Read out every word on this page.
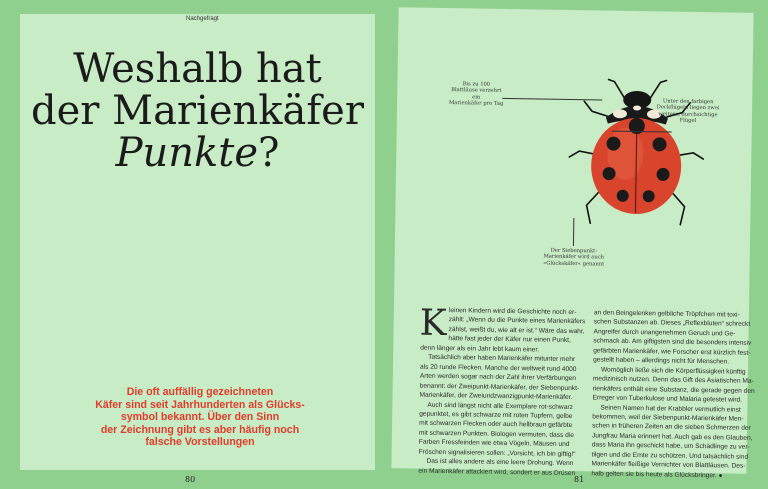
Nachgefragt
Weshalb hat
der Marienkäfer
Punkte?
Die oft auffällig gezeichneten
Käfer sind seit Jahrhunderten als Glücks-
symbol bekannt. Über den Sinn
der Zeichnung gibt es aber häufig noch
falsche Vorstellungen
Bis zu 100
Blattläuse verzehrt ein
Marienkäfer pro Tag	Unter den farbigen
Deckflügeln liegen zwei
weitere, durchsichtige
Flügel
Der Siebenpunkt-
Marienkäfer wird auch
»Glückskäfer« genannt
K leinen Kindern wird die Geschichte noch er-
zählt: „Wenn du die Punkte eines Marienkäfers
zählst, weißt du, wie alt er ist.“ Wäre das wahr,
hätte fast jeder der Käfer nur einen Punkt,
denn länger als ein Jahr lebt kaum einer.
Tatsächlich aber haben Marienkäfer mitunter mehr
als 20 runde Flecken. Manche der weltweit rund 4000
Arten werden sogar nach der Zahl ihrer Verfärbungen
benannt: der Zweipunkt-Marienkäfer, der Siebenpunkt-
Marienkäfer, der Zweiundzwanzigpunkt-Marienkäfer.
Auch sind längst nicht alle Exemplare rot-schwarz
gepunktet, es gibt schwarze mit roten Tupfern, gelbe
mit schwarzen Flecken oder auch hellbraun gefärbte
mit schwarzen Punkten. Biologen vermuten, dass die
Farben Fressfeinden wie etwa Vögeln, Mäusen und
Fröschen signalisieren sollen: „Vorsicht, ich bin giftig!“
Das ist alles andere als eine leere Drohung. Wenn
ein Marienkäfer attackiert wird, sondert er aus Drüsen
an den Beingelenken gelbliche Tröpfchen mit toxi-
schen Substanzen ab. Dieses „Reflexbluten“ schreckt
Angreifer durch unangenehmen Geruch und Ge-
schmack ab. Am giftigsten sind die besonders intensiv
gefärbten Marienkäfer, wie Forscher erst kürzlich fest-
gestellt haben – allerdings nicht für Menschen.
Womöglich ließe sich die Körperflüssigkeit künftig
medizinisch nutzen. Denn das Gift des Asiatischen Ma-
rienkäfers enthält eine Substanz, die gerade gegen den
Erreger von Tuberkulose und Malaria getestet wird.
Seinen Namen hat der Krabbler vermutlich einst
bekommen, weil der Siebenpunkt-Marienkäfer Men-
schen in früheren Zeiten an die sieben Schmerzen der
Jungfrau Maria erinnert hat. Auch gab es den Glauben,
dass Maria ihn geschickt habe, um Schädlinge zu ver-
tilgen und die Ernte zu schützen. Und tatsächlich sind
Marienkäfer fleißige Vernichter von Blattläusen. Des-
halb gelten sie bis heute als Glücksbringer. ●
80	81
